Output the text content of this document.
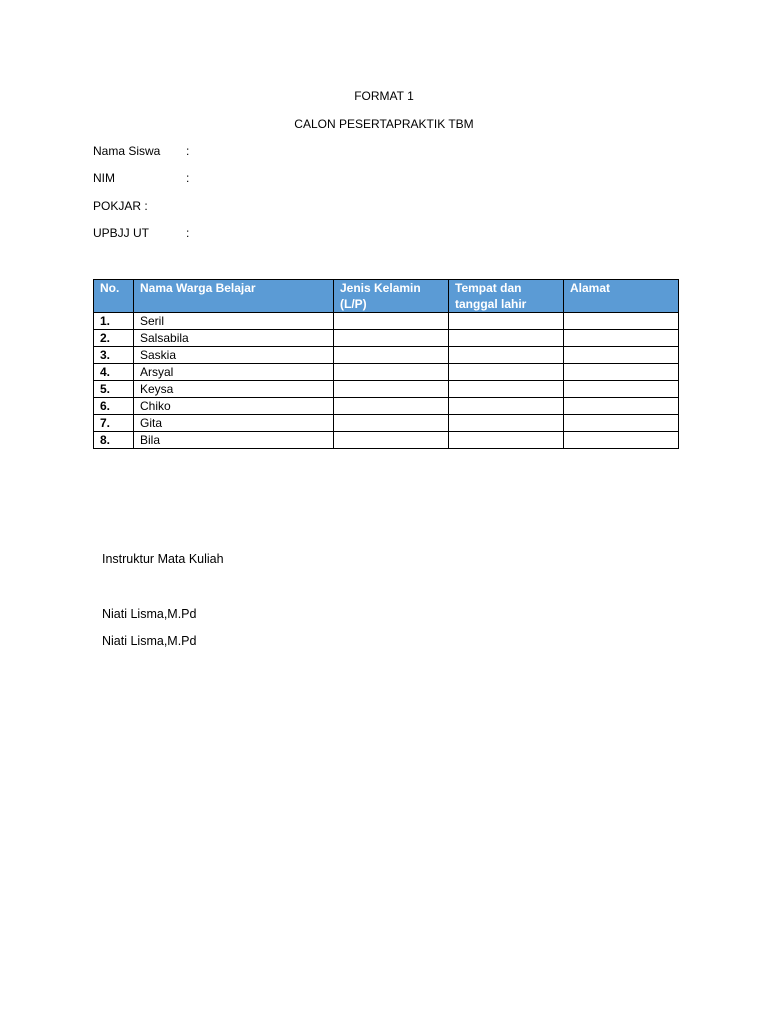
FORMAT 1
CALON PESERTAPRAKTIK TBM
Nama Siswa :
NIM	:
POKJAR :
UPBJJ UT	:
No.	Nama Warga Belajar	Jenis Kelamin (L/P)	Tempat dan tanggal lahir	Alamat
1.	Seril			
2.	Salsabila			
3.	Saskia			
4.	Arsyal			
5.	Keysa			
6.	Chiko			
7.	Gita			
8.	Bila			
Instruktur Mata Kuliah
Niati Lisma,M.Pd
Niati Lisma,M.Pd
